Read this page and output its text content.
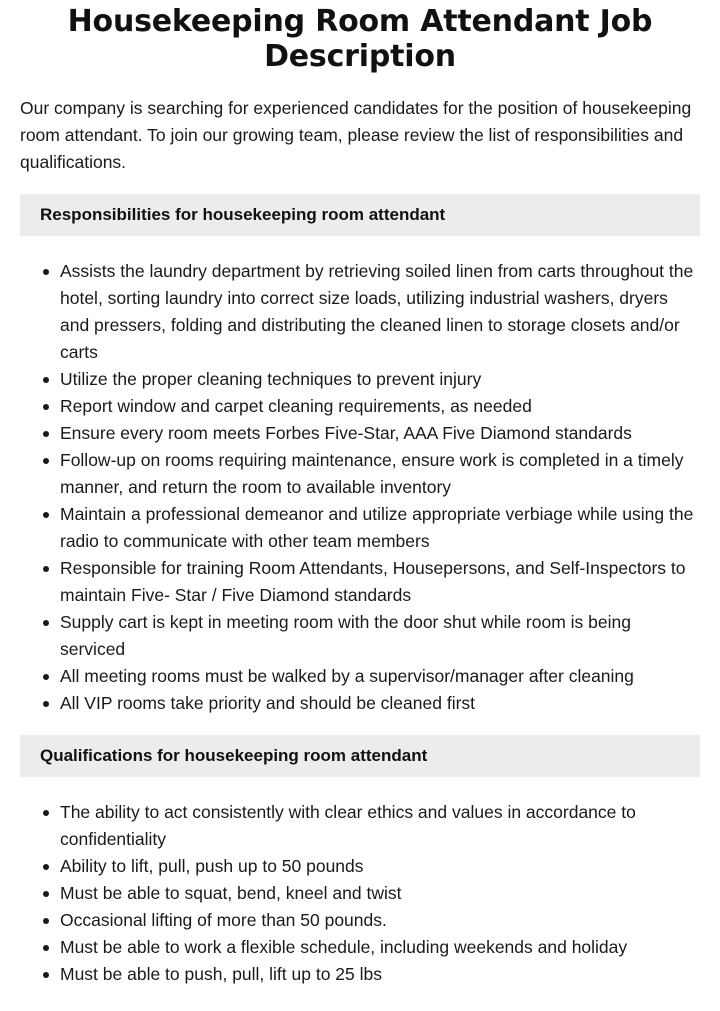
Housekeeping Room Attendant Job Description

Our company is searching for experienced candidates for the position of housekeeping room attendant. To join our growing team, please review the list of responsibilities and qualifications.

Responsibilities for housekeeping room attendant
Assists the laundry department by retrieving soiled linen from carts throughout the hotel, sorting laundry into correct size loads, utilizing industrial washers, dryers and pressers, folding and distributing the cleaned linen to storage closets and/or carts
Utilize the proper cleaning techniques to prevent injury
Report window and carpet cleaning requirements, as needed
Ensure every room meets Forbes Five-Star, AAA Five Diamond standards
Follow-up on rooms requiring maintenance, ensure work is completed in a timely manner, and return the room to available inventory
Maintain a professional demeanor and utilize appropriate verbiage while using the radio to communicate with other team members
Responsible for training Room Attendants, Housepersons, and Self-Inspectors to maintain Five- Star / Five Diamond standards
Supply cart is kept in meeting room with the door shut while room is being serviced
All meeting rooms must be walked by a supervisor/manager after cleaning
All VIP rooms take priority and should be cleaned first
Qualifications for housekeeping room attendant
The ability to act consistently with clear ethics and values in accordance to confidentiality
Ability to lift, pull, push up to 50 pounds
Must be able to squat, bend, kneel and twist
Occasional lifting of more than 50 pounds.
Must be able to work a flexible schedule, including weekends and holiday
Must be able to push, pull, lift up to 25 lbs
